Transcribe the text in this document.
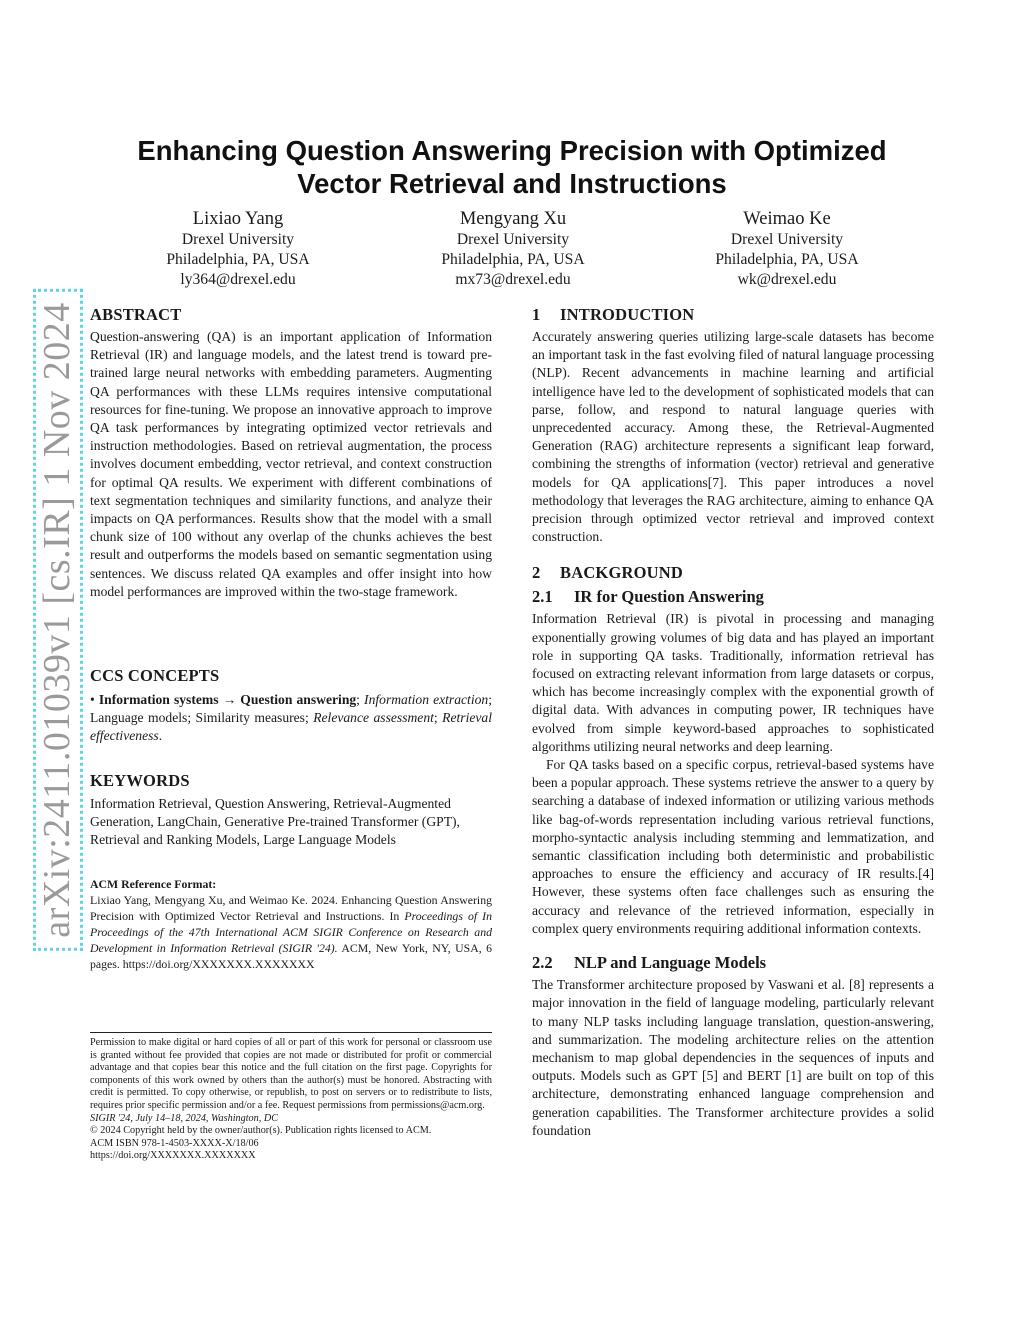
arXiv:2411.01039v1 [cs.IR] 1 Nov 2024
Enhancing Question Answering Precision with Optimized
Vector Retrieval and Instructions
Lixiao Yang
Drexel University
Philadelphia, PA, USA
ly364@drexel.edu
Mengyang Xu
Drexel University
Philadelphia, PA, USA
mx73@drexel.edu
Weimao Ke
Drexel University
Philadelphia, PA, USA
wk@drexel.edu
ABSTRACT

Question-answering (QA) is an important application of Information Retrieval (IR) and language models, and the latest trend is toward pre-trained large neural networks with embedding parameters. Augmenting QA performances with these LLMs requires intensive computational resources for fine-tuning. We propose an innovative approach to improve QA task performances by integrating optimized vector retrievals and instruction methodologies. Based on retrieval augmentation, the process involves document embedding, vector retrieval, and context construction for optimal QA results. We experiment with different combinations of text segmentation techniques and similarity functions, and analyze their impacts on QA performances. Results show that the model with a small chunk size of 100 without any overlap of the chunks achieves the best result and outperforms the models based on semantic segmentation using sentences. We discuss related QA examples and offer insight into how model performances are improved within the two-stage framework.

CCS CONCEPTS

• Information systems → Question answering; Information extraction; Language models; Similarity measures; Relevance assessment; Retrieval effectiveness.

KEYWORDS

Information Retrieval, Question Answering, Retrieval-Augmented Generation, LangChain, Generative Pre-trained Transformer (GPT), Retrieval and Ranking Models, Large Language Models

ACM Reference Format:

Lixiao Yang, Mengyang Xu, and Weimao Ke. 2024. Enhancing Question Answering Precision with Optimized Vector Retrieval and Instructions. In Proceedings of In Proceedings of the 47th International ACM SIGIR Conference on Research and Development in Information Retrieval (SIGIR '24). ACM, New York, NY, USA, 6 pages. https://doi.org/XXXXXXX.XXXXXXX

Permission to make digital or hard copies of all or part of this work for personal or classroom use is granted without fee provided that copies are not made or distributed for profit or commercial advantage and that copies bear this notice and the full citation on the first page. Copyrights for components of this work owned by others than the author(s) must be honored. Abstracting with credit is permitted. To copy otherwise, or republish, to post on servers or to redistribute to lists, requires prior specific permission and/or a fee. Request permissions from permissions@acm.org.

SIGIR '24, July 14–18, 2024, Washington, DC
© 2024 Copyright held by the owner/author(s). Publication rights licensed to ACM.
ACM ISBN 978-1-4503-XXXX-X/18/06
https://doi.org/XXXXXXX.XXXXXXX
1 INTRODUCTION

Accurately answering queries utilizing large-scale datasets has become an important task in the fast evolving filed of natural language processing (NLP). Recent advancements in machine learning and artificial intelligence have led to the development of sophisticated models that can parse, follow, and respond to natural language queries with unprecedented accuracy. Among these, the Retrieval-Augmented Generation (RAG) architecture represents a significant leap forward, combining the strengths of information (vector) retrieval and generative models for QA applications[7]. This paper introduces a novel methodology that leverages the RAG architecture, aiming to enhance QA precision through optimized vector retrieval and improved context construction.

2 BACKGROUND
2.1 IR for Question Answering

Information Retrieval (IR) is pivotal in processing and managing exponentially growing volumes of big data and has played an important role in supporting QA tasks. Traditionally, information retrieval has focused on extracting relevant information from large datasets or corpus, which has become increasingly complex with the exponential growth of digital data. With advances in computing power, IR techniques have evolved from simple keyword-based approaches to sophisticated algorithms utilizing neural networks and deep learning.

For QA tasks based on a specific corpus, retrieval-based systems have been a popular approach. These systems retrieve the answer to a query by searching a database of indexed information or utilizing various methods like bag-of-words representation including various retrieval functions, morpho-syntactic analysis including stemming and lemmatization, and semantic classification including both deterministic and probabilistic approaches to ensure the efficiency and accuracy of IR results.[4] However, these systems often face challenges such as ensuring the accuracy and relevance of the retrieved information, especially in complex query environments requiring additional information contexts.

2.2 NLP and Language Models

The Transformer architecture proposed by Vaswani et al. [8] represents a major innovation in the field of language modeling, particularly relevant to many NLP tasks including language translation, question-answering, and summarization. The modeling architecture relies on the attention mechanism to map global dependencies in the sequences of inputs and outputs. Models such as GPT [5] and BERT [1] are built on top of this architecture, demonstrating enhanced language comprehension and generation capabilities. The Transformer architecture provides a solid foundation
